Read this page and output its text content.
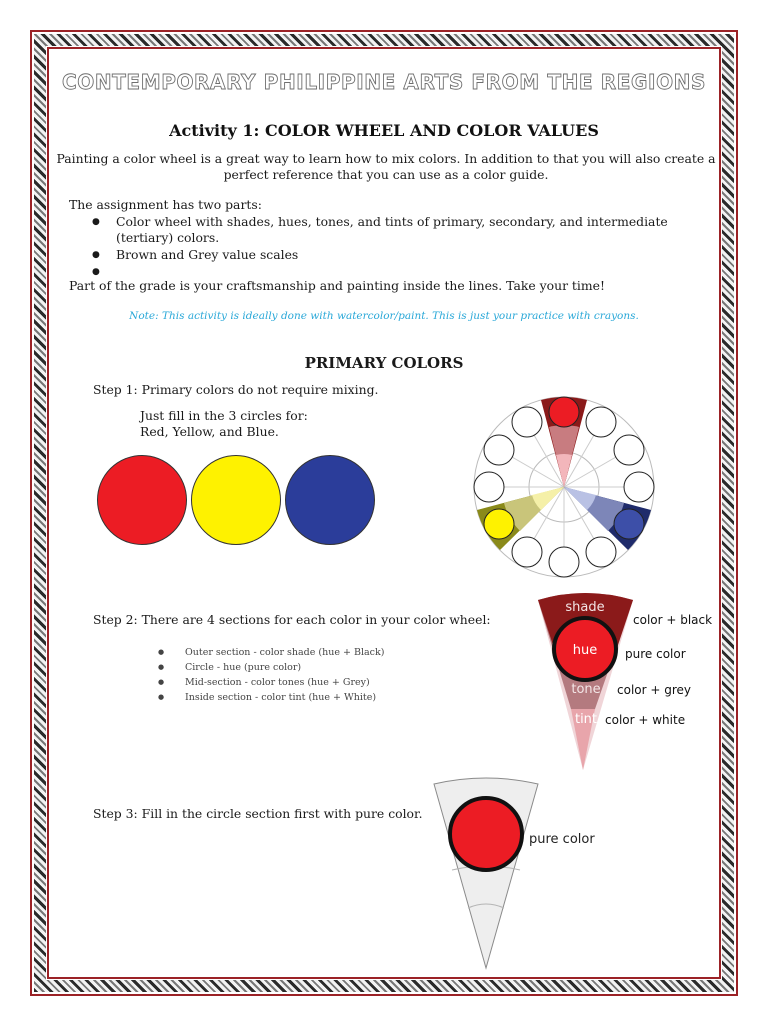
CONTEMPORARY PHILIPPINE ARTS FROM THE REGIONS
Activity 1: COLOR WHEEL AND COLOR VALUES
Painting a color wheel is a great way to learn how to mix colors. In addition to that you will also create a perfect reference that you can use as a color guide.
The assignment has two parts:
● Color wheel with shades, hues, tones, and tints of primary, secondary, and intermediate (tertiary) colors.
● Brown and Grey value scales
●
Part of the grade is your craftsmanship and painting inside the lines. Take your time!
Note: This activity is ideally done with watercolor/paint. This is just your practice with crayons.
PRIMARY COLORS
Step 1: Primary colors do not require mixing.
Just fill in the 3 circles for:
Red, Yellow, and Blue.
Step 2: There are 4 sections for each color in your color wheel:
● Outer section - color shade (hue + Black)
● Circle - hue (pure color)
● Mid-section - color tones (hue + Grey)
● Inside section - color tint (hue + White)
shade
hue
tone
tint
color + black
pure color
color + grey
color + white
Step 3: Fill in the circle section first with pure color.
pure color
